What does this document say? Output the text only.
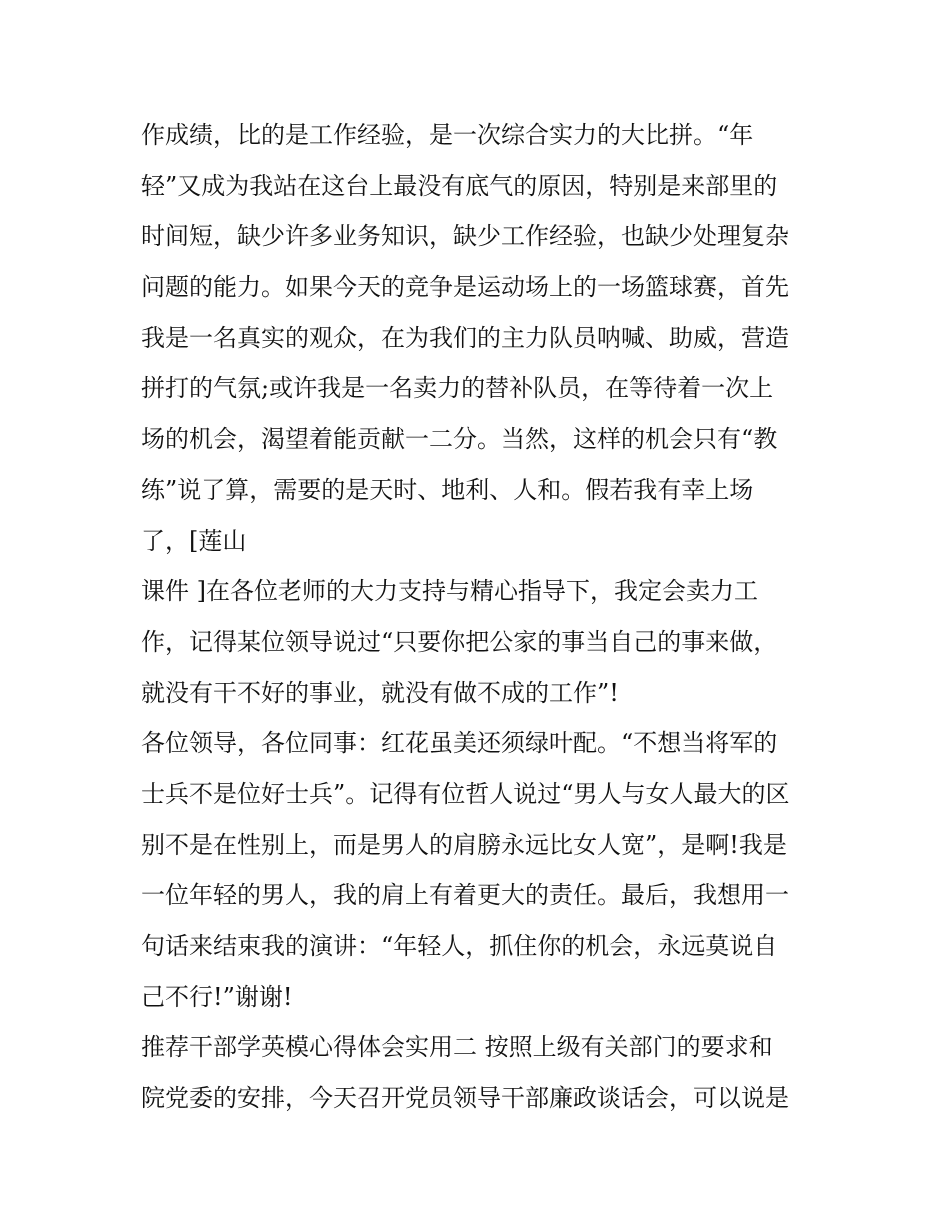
作成绩，比的是工作经验，是一次综合实力的大比拼。“年
轻”又成为我站在这台上最没有底气的原因，特别是来部里的
时间短，缺少许多业务知识，缺少工作经验，也缺少处理复杂
问题的能力。如果今天的竞争是运动场上的一场篮球赛，首先
我是一名真实的观众，在为我们的主力队员呐喊、助威，营造
拼打的气氛;或许我是一名卖力的替补队员，在等待着一次上
场的机会，渴望着能贡献一二分。当然，这样的机会只有“教
练”说了算，需要的是天时、地利、人和。假若我有幸上场
了，[莲山
课件 ]在各位老师的大力支持与精心指导下，我定会卖力工
作，记得某位领导说过“只要你把公家的事当自己的事来做，
就没有干不好的事业，就没有做不成的工作”!
各位领导，各位同事：红花虽美还须绿叶配。“不想当将军的
士兵不是位好士兵”。记得有位哲人说过“男人与女人最大的区
别不是在性别上，而是男人的肩膀永远比女人宽”，是啊!我是
一位年轻的男人，我的肩上有着更大的责任。最后，我想用一
句话来结束我的演讲：“年轻人，抓住你的机会，永远莫说自
己不行!”谢谢!
推荐干部学英模心得体会实用二 按照上级有关部门的要求和
院党委的安排，今天召开党员领导干部廉政谈话会，可以说是
